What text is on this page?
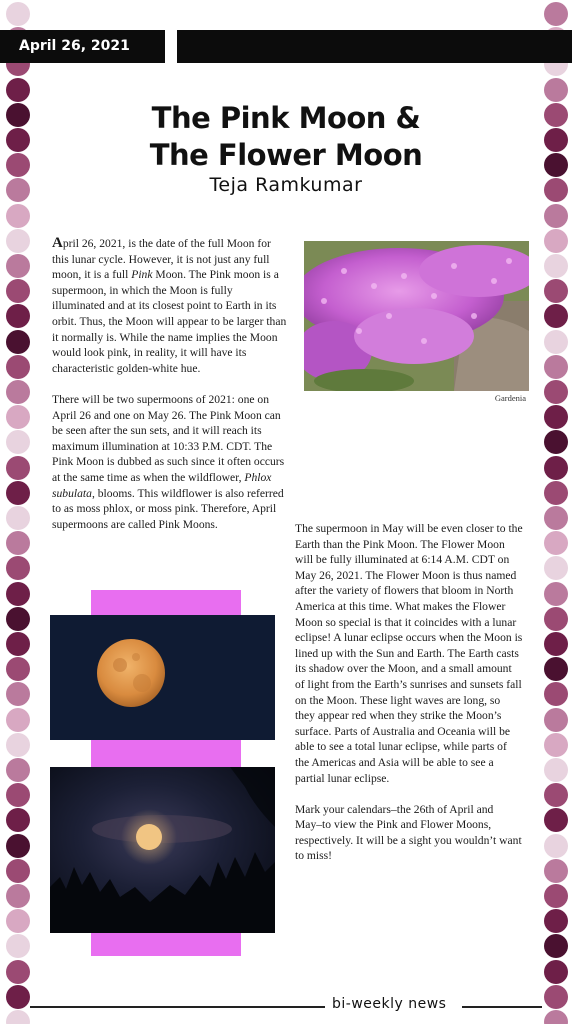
April 26, 2021
The Pink Moon &
The Flower Moon
Teja Ramkumar

April 26, 2021, is the date of the full Moon for this lunar cycle. However, it is not just any full moon, it is a full Pink Moon. The Pink moon is a supermoon, in which the Moon is fully illuminated and at its closest point to Earth in its orbit. Thus, the Moon will appear to be larger than it normally is. While the name implies the Moon would look pink, in reality, it will have its characteristic golden-white hue.

There will be two supermoons of 2021: one on April 26 and one on May 26. The Pink Moon can be seen after the sun sets, and it will reach its maximum illumination at 10:33 P.M. CDT. The Pink Moon is dubbed as such since it often occurs at the same time as when the wildflower, Phlox subulata, blooms. This wildflower is also referred to as moss phlox, or moss pink. Therefore, April supermoons are called Pink Moons.

Gardenia

The supermoon in May will be even closer to the Earth than the Pink Moon. The Flower Moon will be fully illuminated at 6:14 A.M. CDT on May 26, 2021. The Flower Moon is thus named after the variety of flowers that bloom in North America at this time. What makes the Flower Moon so special is that it coincides with a lunar eclipse! A lunar eclipse occurs when the Moon is lined up with the Sun and Earth. The Earth casts its shadow over the Moon, and a small amount of light from the Earth’s sunrises and sunsets fall on the Moon. These light waves are long, so they appear red when they strike the Moon’s surface. Parts of Australia and Oceania will be able to see a total lunar eclipse, while parts of the Americas and Asia will be able to see a partial lunar eclipse.

Mark your calendars–the 26th of April and May–to view the Pink and Flower Moons, respectively. It will be a sight you wouldn’t want to miss!

bi-weekly news
